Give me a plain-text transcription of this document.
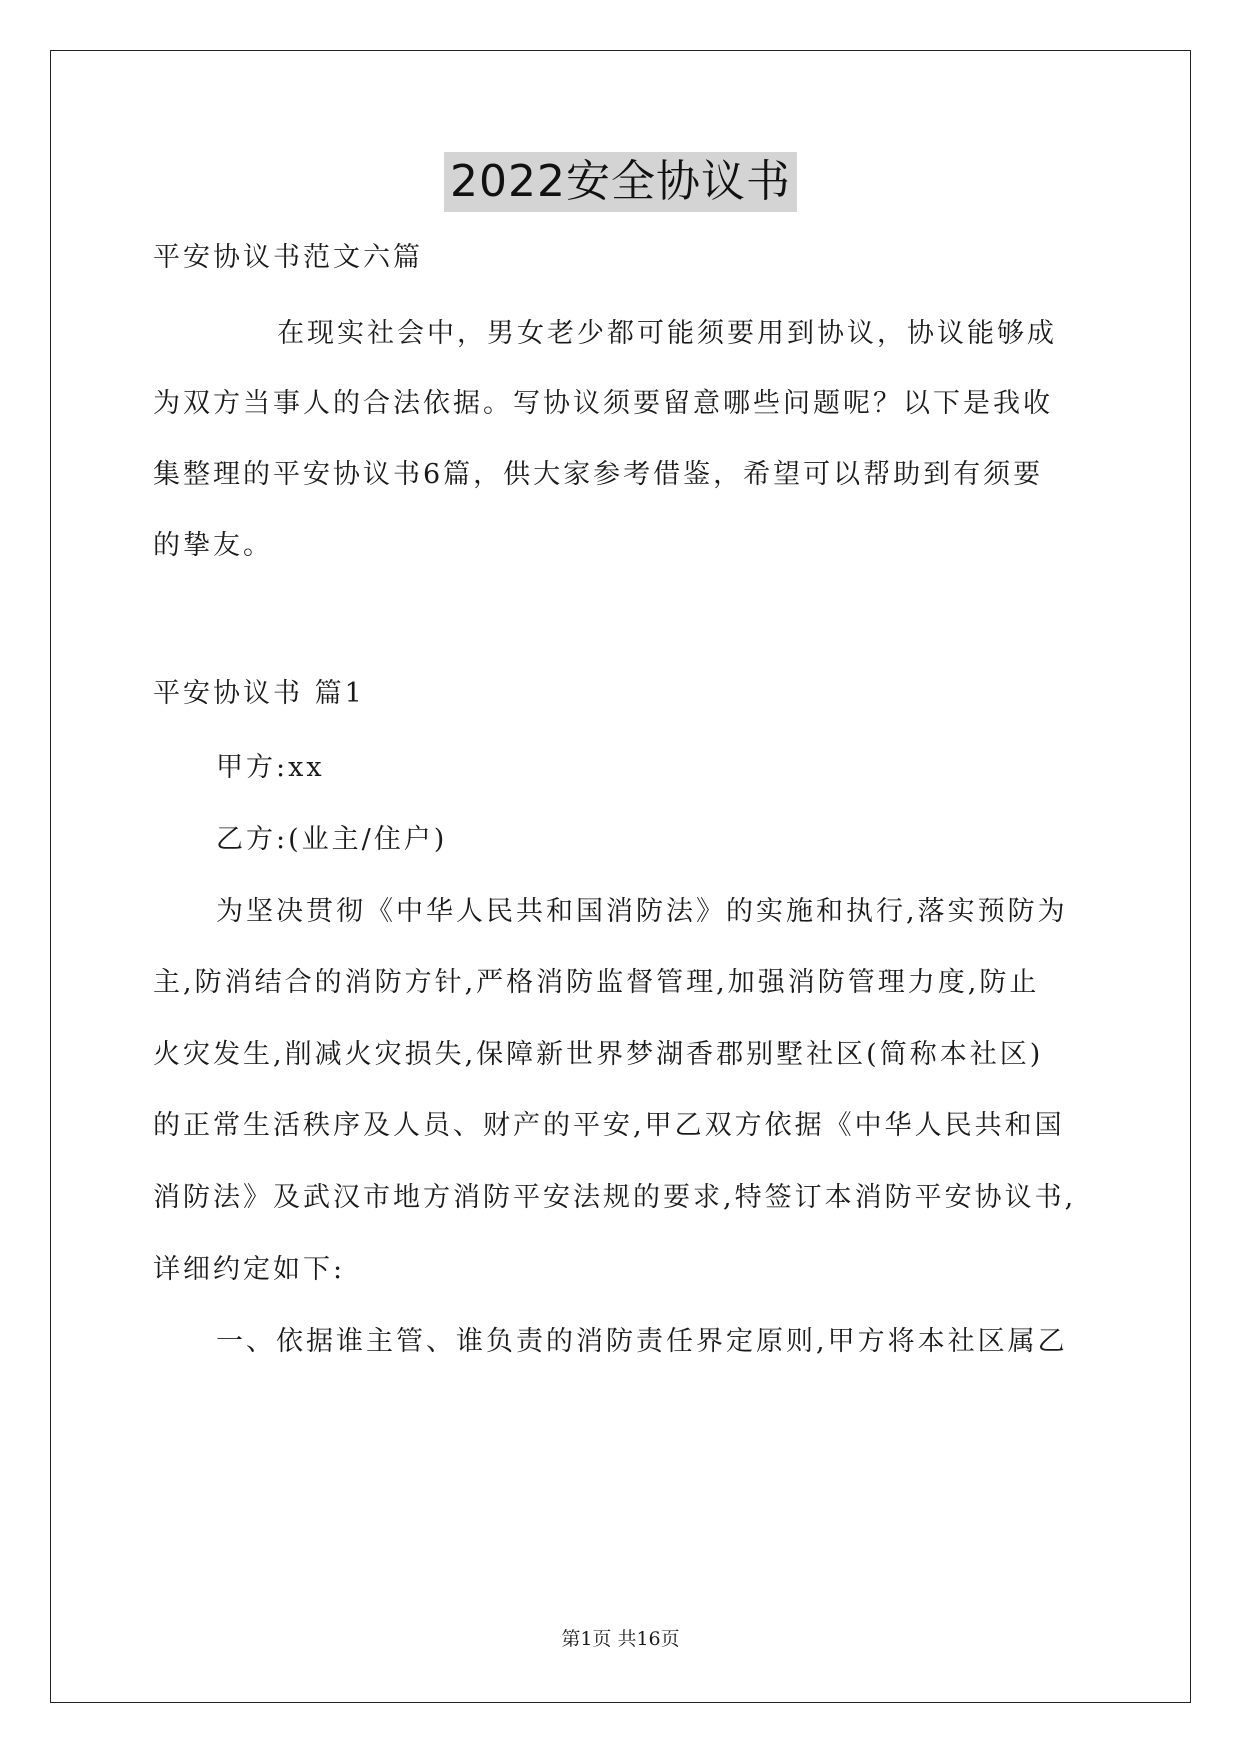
2022安全协议书
平安协议书范文六篇
在现实社会中，男女老少都可能须要用到协议，协议能够成
为双方当事人的合法依据。写协议须要留意哪些问题呢？以下是我收
集整理的平安协议书6篇，供大家参考借鉴，希望可以帮助到有须要
的挚友。
平安协议书 篇1
甲方:xx
乙方:(业主/住户)
为坚决贯彻《中华人民共和国消防法》的实施和执行,落实预防为
主,防消结合的消防方针,严格消防监督管理,加强消防管理力度,防止
火灾发生,削减火灾损失,保障新世界梦湖香郡别墅社区(简称本社区)
的正常生活秩序及人员、财产的平安,甲乙双方依据《中华人民共和国
消防法》及武汉市地方消防平安法规的要求,特签订本消防平安协议书,
详细约定如下:
一、依据谁主管、谁负责的消防责任界定原则,甲方将本社区属乙
第1页 共16页
